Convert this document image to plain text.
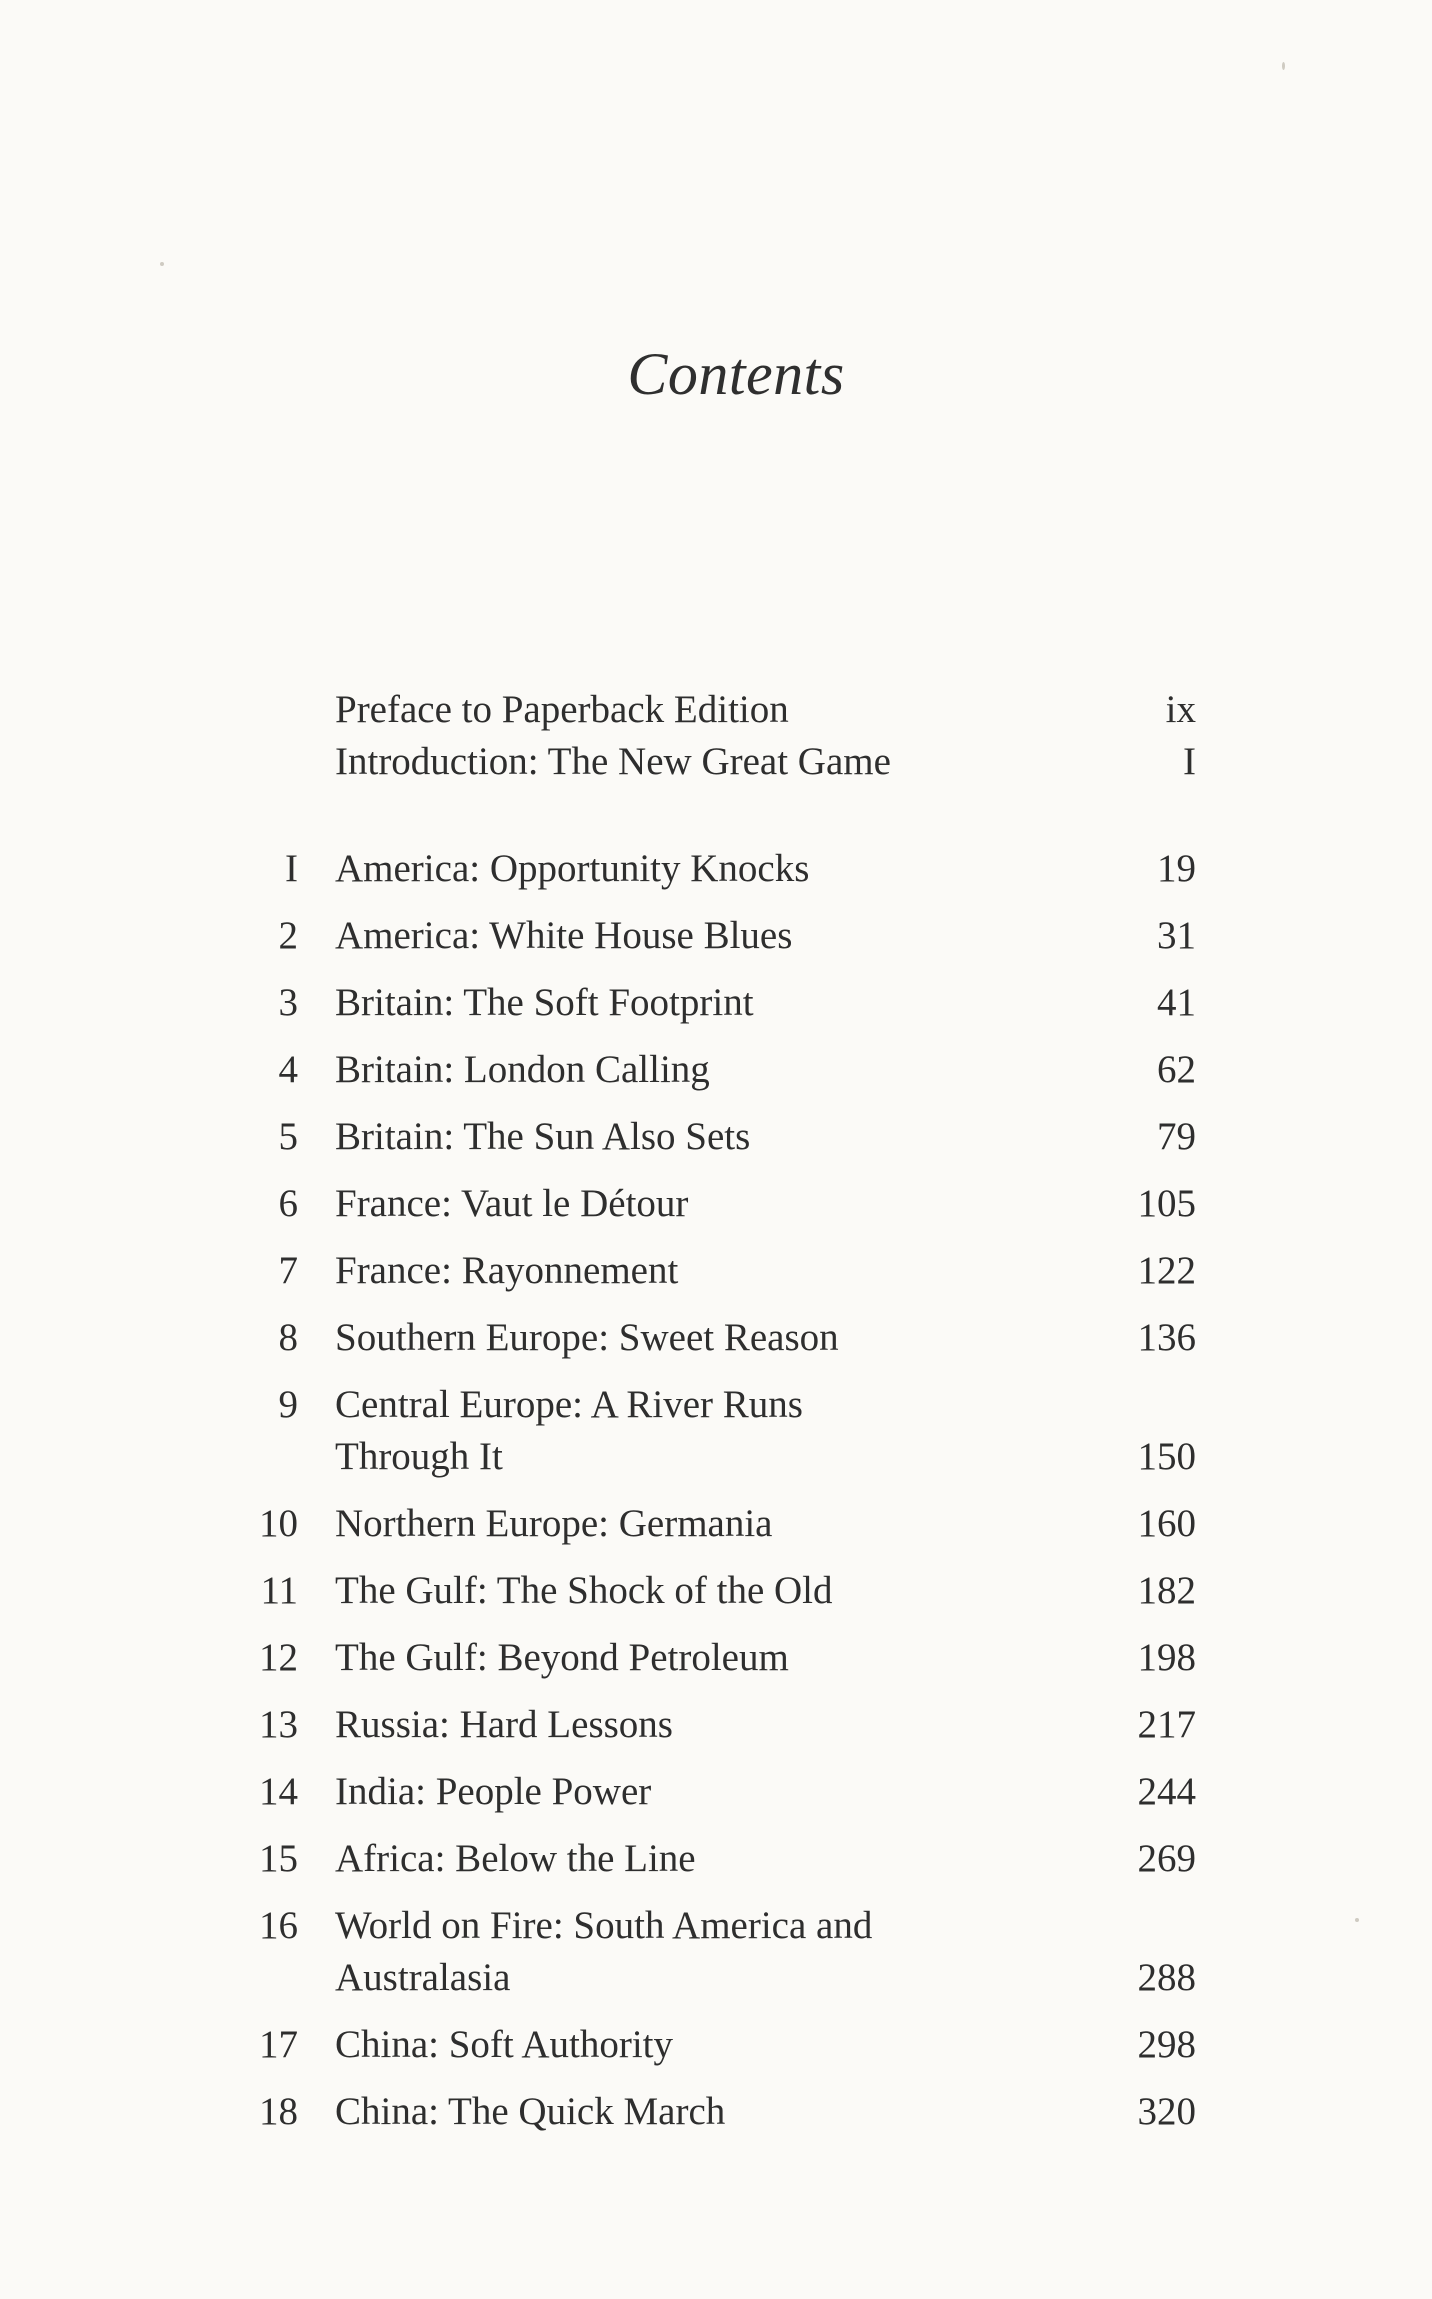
Contents
Preface to Paperback Edition	ix
Introduction: The New Great Game	I
I America: Opportunity Knocks	19
2 America: White House Blues	31
3 Britain: The Soft Footprint	41
4 Britain: London Calling	62
5 Britain: The Sun Also Sets	79
6 France: Vaut le Détour	105
7 France: Rayonnement	122
8 Southern Europe: Sweet Reason	136
9 Central Europe: A River Runs
Through It	150
10 Northern Europe: Germania	160
11 The Gulf: The Shock of the Old	182
12 The Gulf: Beyond Petroleum	198
13 Russia: Hard Lessons	217
14 India: People Power	244
15 Africa: Below the Line	269
16 World on Fire: South America and
Australasia	288
17 China: Soft Authority	298
18 China: The Quick March	320
